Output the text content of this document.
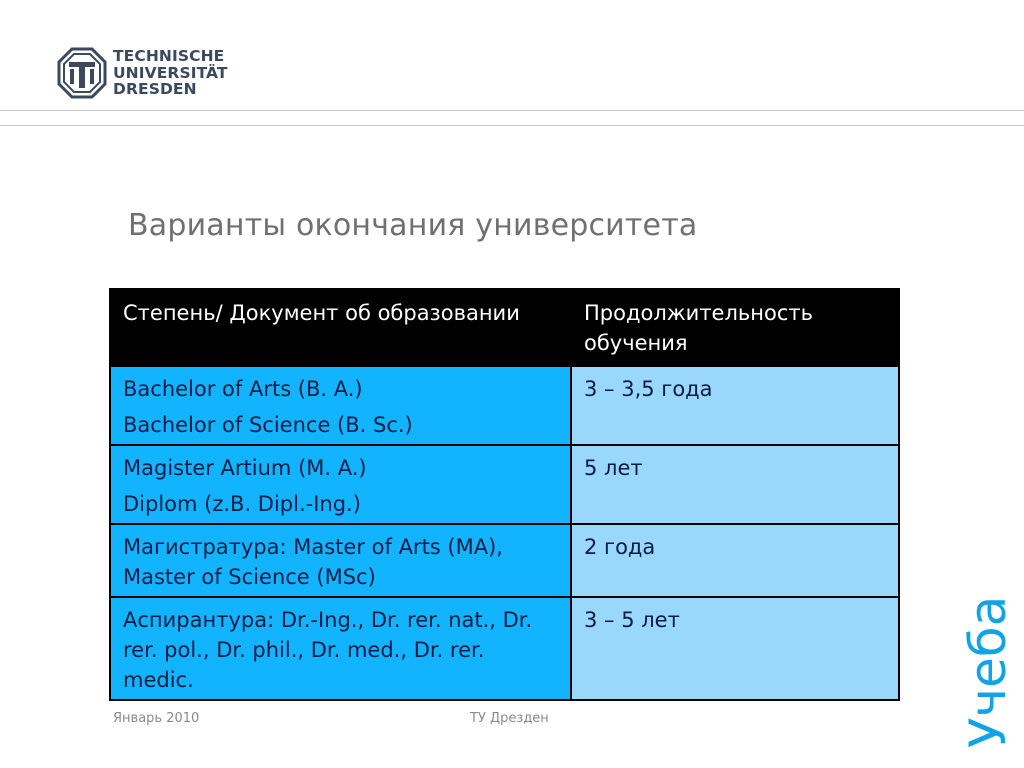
TECHNISCHE
UNIVERSITÄT
DRESDEN
Варианты окончания университета
Степень/ Документ об образовании	Продолжительность обучения

Bachelor of Arts (B. A.)
Bachelor of Science (B. Sc.)	3 – 3,5 года

Magister Artium (M. A.)
Diplom (z.B. Dipl.-Ing.)	5 лет

Магистратура: Master of Arts (MA), Master of Science (MSc)	2 года

Аспирантура: Dr.-Ing., Dr. rer. nat., Dr. rer. pol., Dr. phil., Dr. med., Dr. rer. medic.	3 – 5 лет
Январь 2010	ТУ Дрезден	Учеба
